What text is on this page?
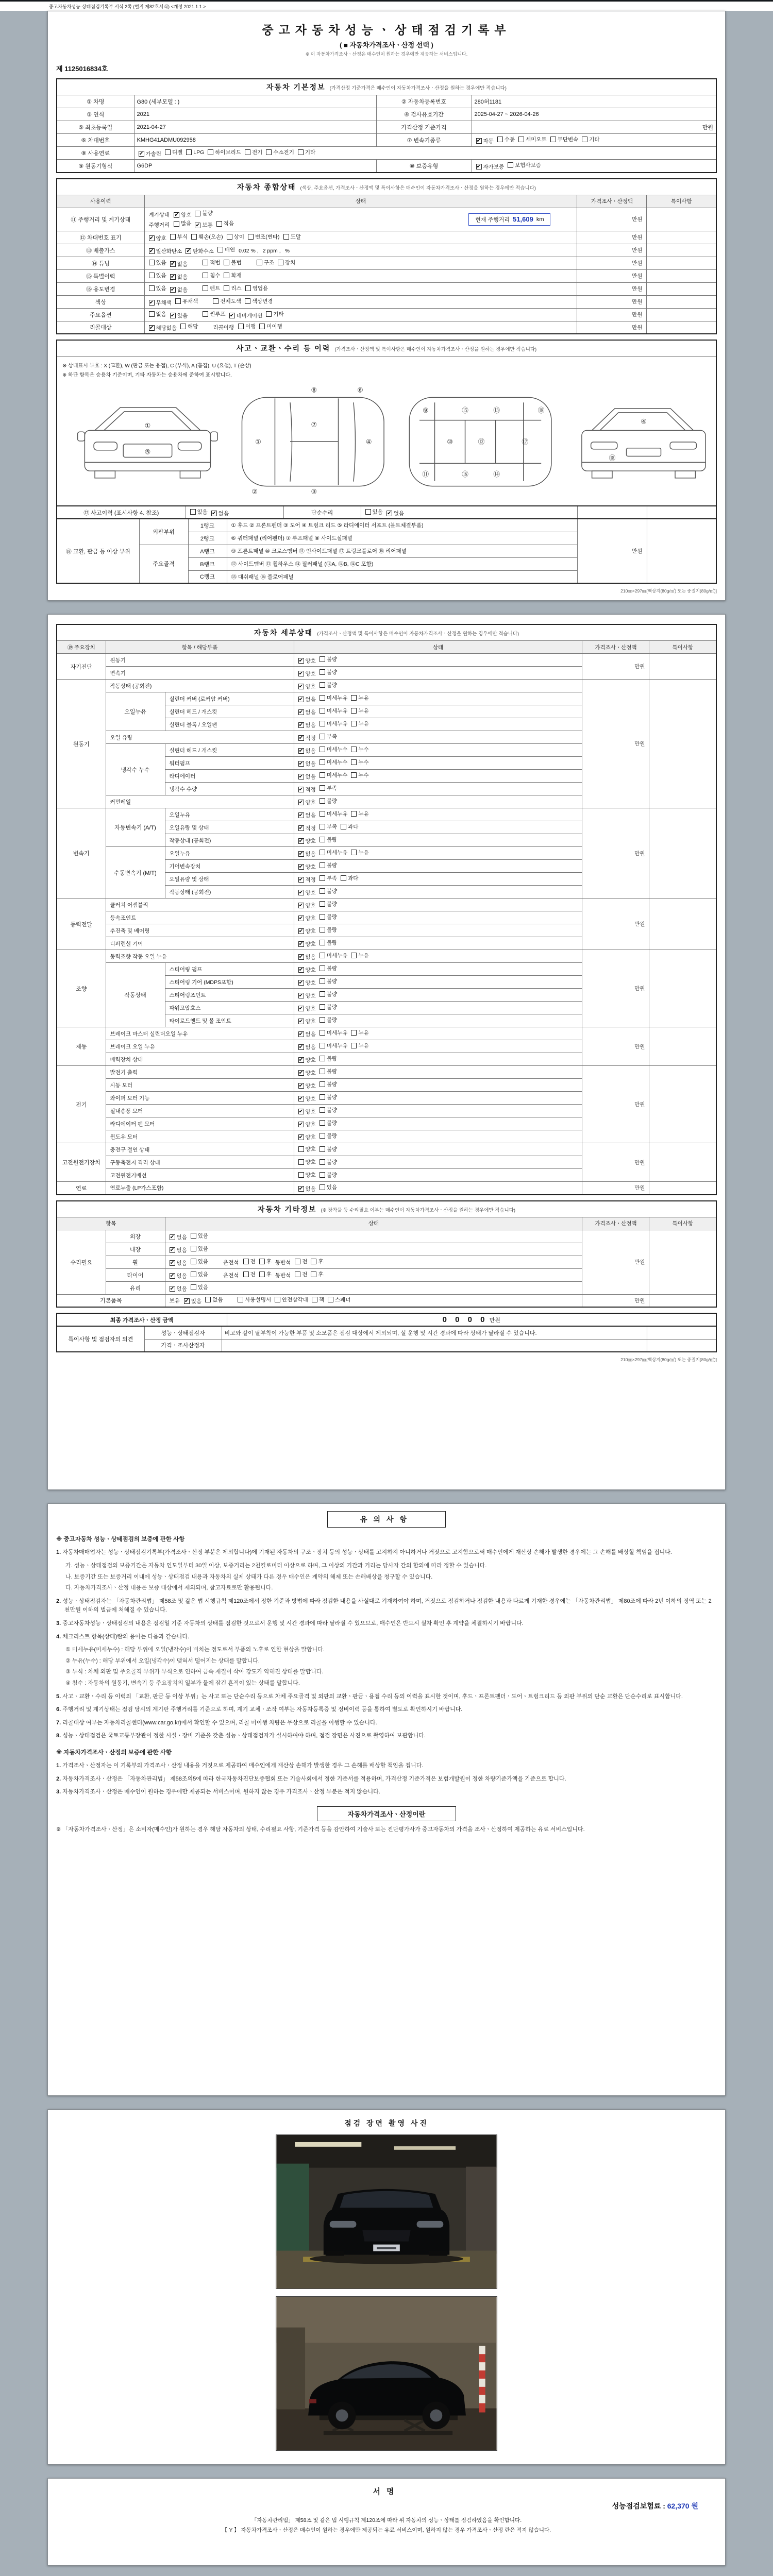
중고자동차성능·상태점검기록부 서식 2쪽 (별지 제82호서식) <개정 2021.1.1.>
중고자동차성능ㆍ상태점검기록부
( ■ 자동차가격조사ㆍ산정 선택 )
※ 이 자동차가격조사ㆍ산정은 매수인이 원하는 경우에만 제공하는 서비스입니다.
제 1125016834호
자동차 기본정보 (가격산정 기준가격은 매수인이 자동차가격조사ㆍ산정을 원하는 경우에만 적습니다)			
① 차명	G80 (세부모델 : )	② 자동차등록번호	280허1181
③ 연식	2021	④ 검사유효기간	2025-04-27 ~ 2026-04-26
⑤ 최초등록일	2021-04-27	가격산정 기준가격	만원
⑥ 차대번호	KMHG41ADMU092958	⑦ 변속기종류	✔ 자동 수동 세미오토 무단변속 기타

⑧ 사용연료	✔ 가솔린 디젤 LPG 하이브리드 전기 수소전기 기타

⑨ 원동기형식	G6DP	⑩ 보증유형	✔ 자가보증 보험사보증
자동차 종합상태 (색상, 주요옵션, 가격조사ㆍ산정액 및 특이사항은 매수인이 자동차가격조사ㆍ산정을 원하는 경우에만 적습니다)			
사용이력	상태	가격조사ㆍ산정액	특이사항
⑪ 주행거리 및 계기상태	
계기상태 ✔ 양호 불량
주행거리 많음 ✔ 보통 적음
현재 주행거리 51,609 km	만원	
⑫ 차대번호 표기	✔ 양호 부식 훼손(오손) 상이 변조(변타) 도말	만원	
⑬ 배출가스	✔ 일산화탄소 ✔ 탄화수소 매연 0.02 % , 2 ppm , %	만원	
⑭ 튜닝	있음 ✔ 없음	적법 불법	구조 장치	만원	
⑮ 특별이력	있음 ✔ 없음 침수 화재	만원	
⑯ 용도변경	있음 ✔ 없음	렌트 리스 영업용	만원	
색상	✔ 무채색 유채색 전체도색 색상변경	만원	
주요옵션	없음 ✔ 있음	썬루프 ✔ 네비게이션 기타	만원	
리콜대상	✔ 해당없음 해당	리콜이행 이행 미이행	만원	
사고ㆍ교환ㆍ수리 등 이력 (가격조사ㆍ산정액 및 특이사항은 매수인이 자동차가격조사ㆍ산정을 원하는 경우에만 적습니다)

※ 상태표시 부호 : X (교환), W (판금 또는 용접), C (부식), A (흠집), U (요철), T (손상)
※ 하단 항목은 승용차 기준이며, 기타 자동차는 승용차에 준하여 표시합니다.
①
⑤
①
②	③
④
⑥
⑦
⑧
⑨
⑩
⑪
⑫
⑬
⑭
⑮
⑯
⑰
⑱
④
⑱
⑰ 사고이력 (표시사항 4. 참조)	있음 ✔ 없음	단순수리	있음 ✔ 없음

⑱ 교환, 판금 등 이상 부위	외판부위	1랭크	① 후드 ② 프론트펜더 ③ 도어 ④ 트렁크 리드 ⑤ 라디에이터 서포트 (볼트체결부품)	만원	
		2랭크	⑥ 쿼터패널 (리어펜더) ⑦ 루프패널 ⑧ 사이드실패널		
	주요골격	A랭크	⑨ 프론트패널 ⑩ 크로스멤버 ⑪ 인사이드패널 ⑰ 트렁크플로어 ⑱ 리어패널		
		B랭크	⑫ 사이드멤버 ⑬ 휠하우스 ⑭ 필러패널 (⑭A, ⑭B, ⑭C 포함)		
		C랭크	⑮ 대쉬패널 ⑯ 플로어패널		
210㎜×297㎜[백상지(80g/㎡) 또는 중질지(80g/㎡)]
자동차 세부상태 (가격조사ㆍ산정액 및 특이사항은 매수인이 자동차가격조사ㆍ산정을 원하는 경우에만 적습니다)					
⑲ 주요장치	항목 / 해당부품		상태	가격조사ㆍ산정액	특이사항
자기진단	원동기		✔ 양호 불량	만원	
	변속기		✔ 양호 불량		

원동기	작동상태 (공회전)		✔ 양호 불량	만원	
	오일누유	실린더 커버 (로커암 커버)	✔ 없음 미세누유 누유		

		실린더 헤드 / 개스킷	✔ 없음 미세누유 누유		

		실린더 블록 / 오일팬	✔ 없음 미세누유 누유		

	오일 유량		✔ 적정 부족		

	냉각수 누수	실린더 헤드 / 개스킷	✔ 없음 미세누수 누수		

		워터펌프	✔ 없음 미세누수 누수		

		라디에이터	✔ 없음 미세누수 누수		

		냉각수 수량	✔ 적정 부족		

	커먼레일		✔ 양호 불량		

변속기	자동변속기 (A/T)	오일누유	✔ 없음 미세누유 누유	만원	
		오일유량 및 상태	✔ 적정 부족 과다		

		작동상태 (공회전)	✔ 양호 불량		

	수동변속기 (M/T)	오일누유	✔ 없음 미세누유 누유		

		기어변속장치	✔ 양호 불량		

		오일유량 및 상태	✔ 적정 부족 과다		

		작동상태 (공회전)	✔ 양호 불량		

동력전달	클러치 어셈블리		✔ 양호 불량	만원	
	등속조인트		✔ 양호 불량		

	추진축 및 베어링		✔ 양호 불량		

	디퍼렌셜 기어		✔ 양호 불량		

조향	동력조향 작동 오일 누유		✔ 없음 미세누유 누유	만원	
	작동상태	스티어링 펌프	✔ 양호 불량		

		스티어링 기어 (MDPS포함)	✔ 양호 불량		

		스티어링조인트	✔ 양호 불량		

		파워고압호스	✔ 양호 불량		

		타이로드엔드 및 볼 조인트	✔ 양호 불량		

제동	브레이크 마스터 실린더오일 누유		✔ 없음 미세누유 누유	만원	
	브레이크 오일 누유		✔ 없음 미세누유 누유		

	배력장치 상태		✔ 양호 불량		

전기	발전기 출력		✔ 양호 불량	만원	
	시동 모터		✔ 양호 불량		

	와이퍼 모터 기능		✔ 양호 불량		

	실내송풍 모터		✔ 양호 불량		

	라디에이터 팬 모터		✔ 양호 불량		

	윈도우 모터		✔ 양호 불량		

고전원전기장치	충전구 절연 상태		양호 불량	만원	
	구동축전지 격리 상태		양호 불량		

	고전원전기배선		양호 불량		

연료	연료누출 (LP가스포함)		✔ 없음 있음	만원	
자동차 기타정보 (※ 장착물 등 수리필요 여부는 매수인이 자동차가격조사ㆍ산정을 원하는 경우에만 적습니다)				
항목		상태	가격조사ㆍ산정액	특이사항
수리필요	외장	✔ 없음 있음	만원	
	내장	✔ 없음 있음		

휠	✔ 없음 있음	운전석 전 후 동반석 전 후

타이어	✔ 없음 있음	운전석 전 후 동반석 전 후

	유리	✔ 없음 있음		

기본품목	보유 ✔ 있음 없음	사용설명서 안전삼각대 잭 스패너	만원	
최종 가격조사ㆍ산정 금액	0 0 0 0 만원
특이사항 및 점검자의 의견	성능ㆍ상태점검자	비고와 같이 탈부착이 가능한 부품 및 소모품은 점검 대상에서 제외되며, 실 운행 및 시간 경과에 따라 상태가 달라질 수 있습니다.	
	가격ㆍ조사산정자		
210㎜×297㎜[백상지(80g/㎡) 또는 중질지(80g/㎡)]
유의사항
※ 중고자동차 성능ㆍ상태점검의 보증에 관한 사항
1. 자동차매매업자는 성능ㆍ상태점검기록부(가격조사ㆍ산정 부분은 제외합니다)에 기재된 자동차의 구조ㆍ장치 등의 성능ㆍ상태를 고지하지 아니하거나 거짓으로 고지함으로써 매수인에게 재산상 손해가 발생한 경우에는 그 손해를 배상할 책임을 집니다.
가. 성능ㆍ상태점검의 보증기간은 자동차 인도일부터 30일 이상, 보증거리는 2천킬로미터 이상으로 하며, 그 이상의 기간과 거리는 당사자 간의 합의에 따라 정할 수 있습니다.
나. 보증기간 또는 보증거리 이내에 성능ㆍ상태점검 내용과 자동차의 실제 상태가 다른 경우 매수인은 계약의 해제 또는 손해배상을 청구할 수 있습니다.
다. 자동차가격조사ㆍ산정 내용은 보증 대상에서 제외되며, 참고자료로만 활용됩니다.
2. 성능ㆍ상태점검자는 「자동차관리법」 제58조 및 같은 법 시행규칙 제120조에서 정한 기준과 방법에 따라 점검한 내용을 사실대로 기재하여야 하며, 거짓으로 점검하거나 점검한 내용과 다르게 기재한 경우에는 「자동차관리법」 제80조에 따라 2년 이하의 징역 또는 2천만원 이하의 벌금에 처해질 수 있습니다.
3. 중고자동차성능ㆍ상태점검의 내용은 점검일 기준 자동차의 상태를 점검한 것으로서 운행 및 시간 경과에 따라 달라질 수 있으므로, 매수인은 반드시 실차 확인 후 계약을 체결하시기 바랍니다.
4. 체크리스트 항목(상태)란의 용어는 다음과 같습니다.
① 미세누유(미세누수) : 해당 부위에 오일(냉각수)이 비치는 정도로서 부품의 노후로 인한 현상을 말합니다.
② 누유(누수) : 해당 부위에서 오일(냉각수)이 맺혀서 떨어지는 상태를 말합니다.
③ 부식 : 차체 외판 및 주요골격 부위가 부식으로 인하여 금속 재질이 삭아 강도가 약해진 상태를 말합니다.
④ 침수 : 자동차의 원동기, 변속기 등 주요장치의 일부가 물에 잠긴 흔적이 있는 상태를 말합니다.
5. 사고ㆍ교환ㆍ수리 등 이력의 「교환, 판금 등 이상 부위」는 사고 또는 단순수리 등으로 차체 주요골격 및 외판의 교환ㆍ판금ㆍ용접 수리 등의 이력을 표시한 것이며, 후드ㆍ프론트펜더ㆍ도어ㆍ트렁크리드 등 외판 부위의 단순 교환은 단순수리로 표시합니다.
6. 주행거리 및 계기상태는 점검 당시의 계기판 주행거리를 기준으로 하며, 계기 교체ㆍ조작 여부는 자동차등록증 및 정비이력 등을 통하여 별도로 확인하시기 바랍니다.
7. 리콜대상 여부는 자동차리콜센터(www.car.go.kr)에서 확인할 수 있으며, 리콜 미이행 차량은 무상으로 리콜을 이행할 수 있습니다.
8. 성능ㆍ상태점검은 국토교통부장관이 정한 시설ㆍ장비 기준을 갖춘 성능ㆍ상태점검자가 실시하여야 하며, 점검 장면은 사진으로 촬영하여 보관합니다.
※ 자동차가격조사ㆍ산정의 보증에 관한 사항
1. 가격조사ㆍ산정자는 이 기록부의 가격조사ㆍ산정 내용을 거짓으로 제공하여 매수인에게 재산상 손해가 발생한 경우 그 손해를 배상할 책임을 집니다.
2. 자동차가격조사ㆍ산정은 「자동차관리법」 제58조의5에 따라 한국자동차진단보증협회 또는 기술사회에서 정한 기준서를 적용하며, 가격산정 기준가격은 보험개발원이 정한 차량기준가액을 기준으로 합니다.
3. 자동차가격조사ㆍ산정은 매수인이 원하는 경우에만 제공되는 서비스이며, 원하지 않는 경우 가격조사ㆍ산정 부분은 적지 않습니다.
자동차가격조사ㆍ산정이란
※ 「자동차가격조사ㆍ산정」은 소비자(매수인)가 원하는 경우 해당 자동차의 상태, 수리필요 사항, 기준가격 등을 감안하여 기술사 또는 진단평가사가 중고자동차의 가격을 조사ㆍ산정하여 제공하는 유료 서비스입니다.
점검 장면 촬영 사진
서명
성능점검보험료 : 62,370 원
「자동차관리법」 제58조 및 같은 법 시행규칙 제120조에 따라 위 자동차의 성능ㆍ상태를 점검하였음을 확인합니다.
【 Y 】 자동차가격조사ㆍ산정은 매수인이 원하는 경우에만 제공되는 유료 서비스이며, 원하지 않는 경우 가격조사ㆍ산정 란은 적지 않습니다.
